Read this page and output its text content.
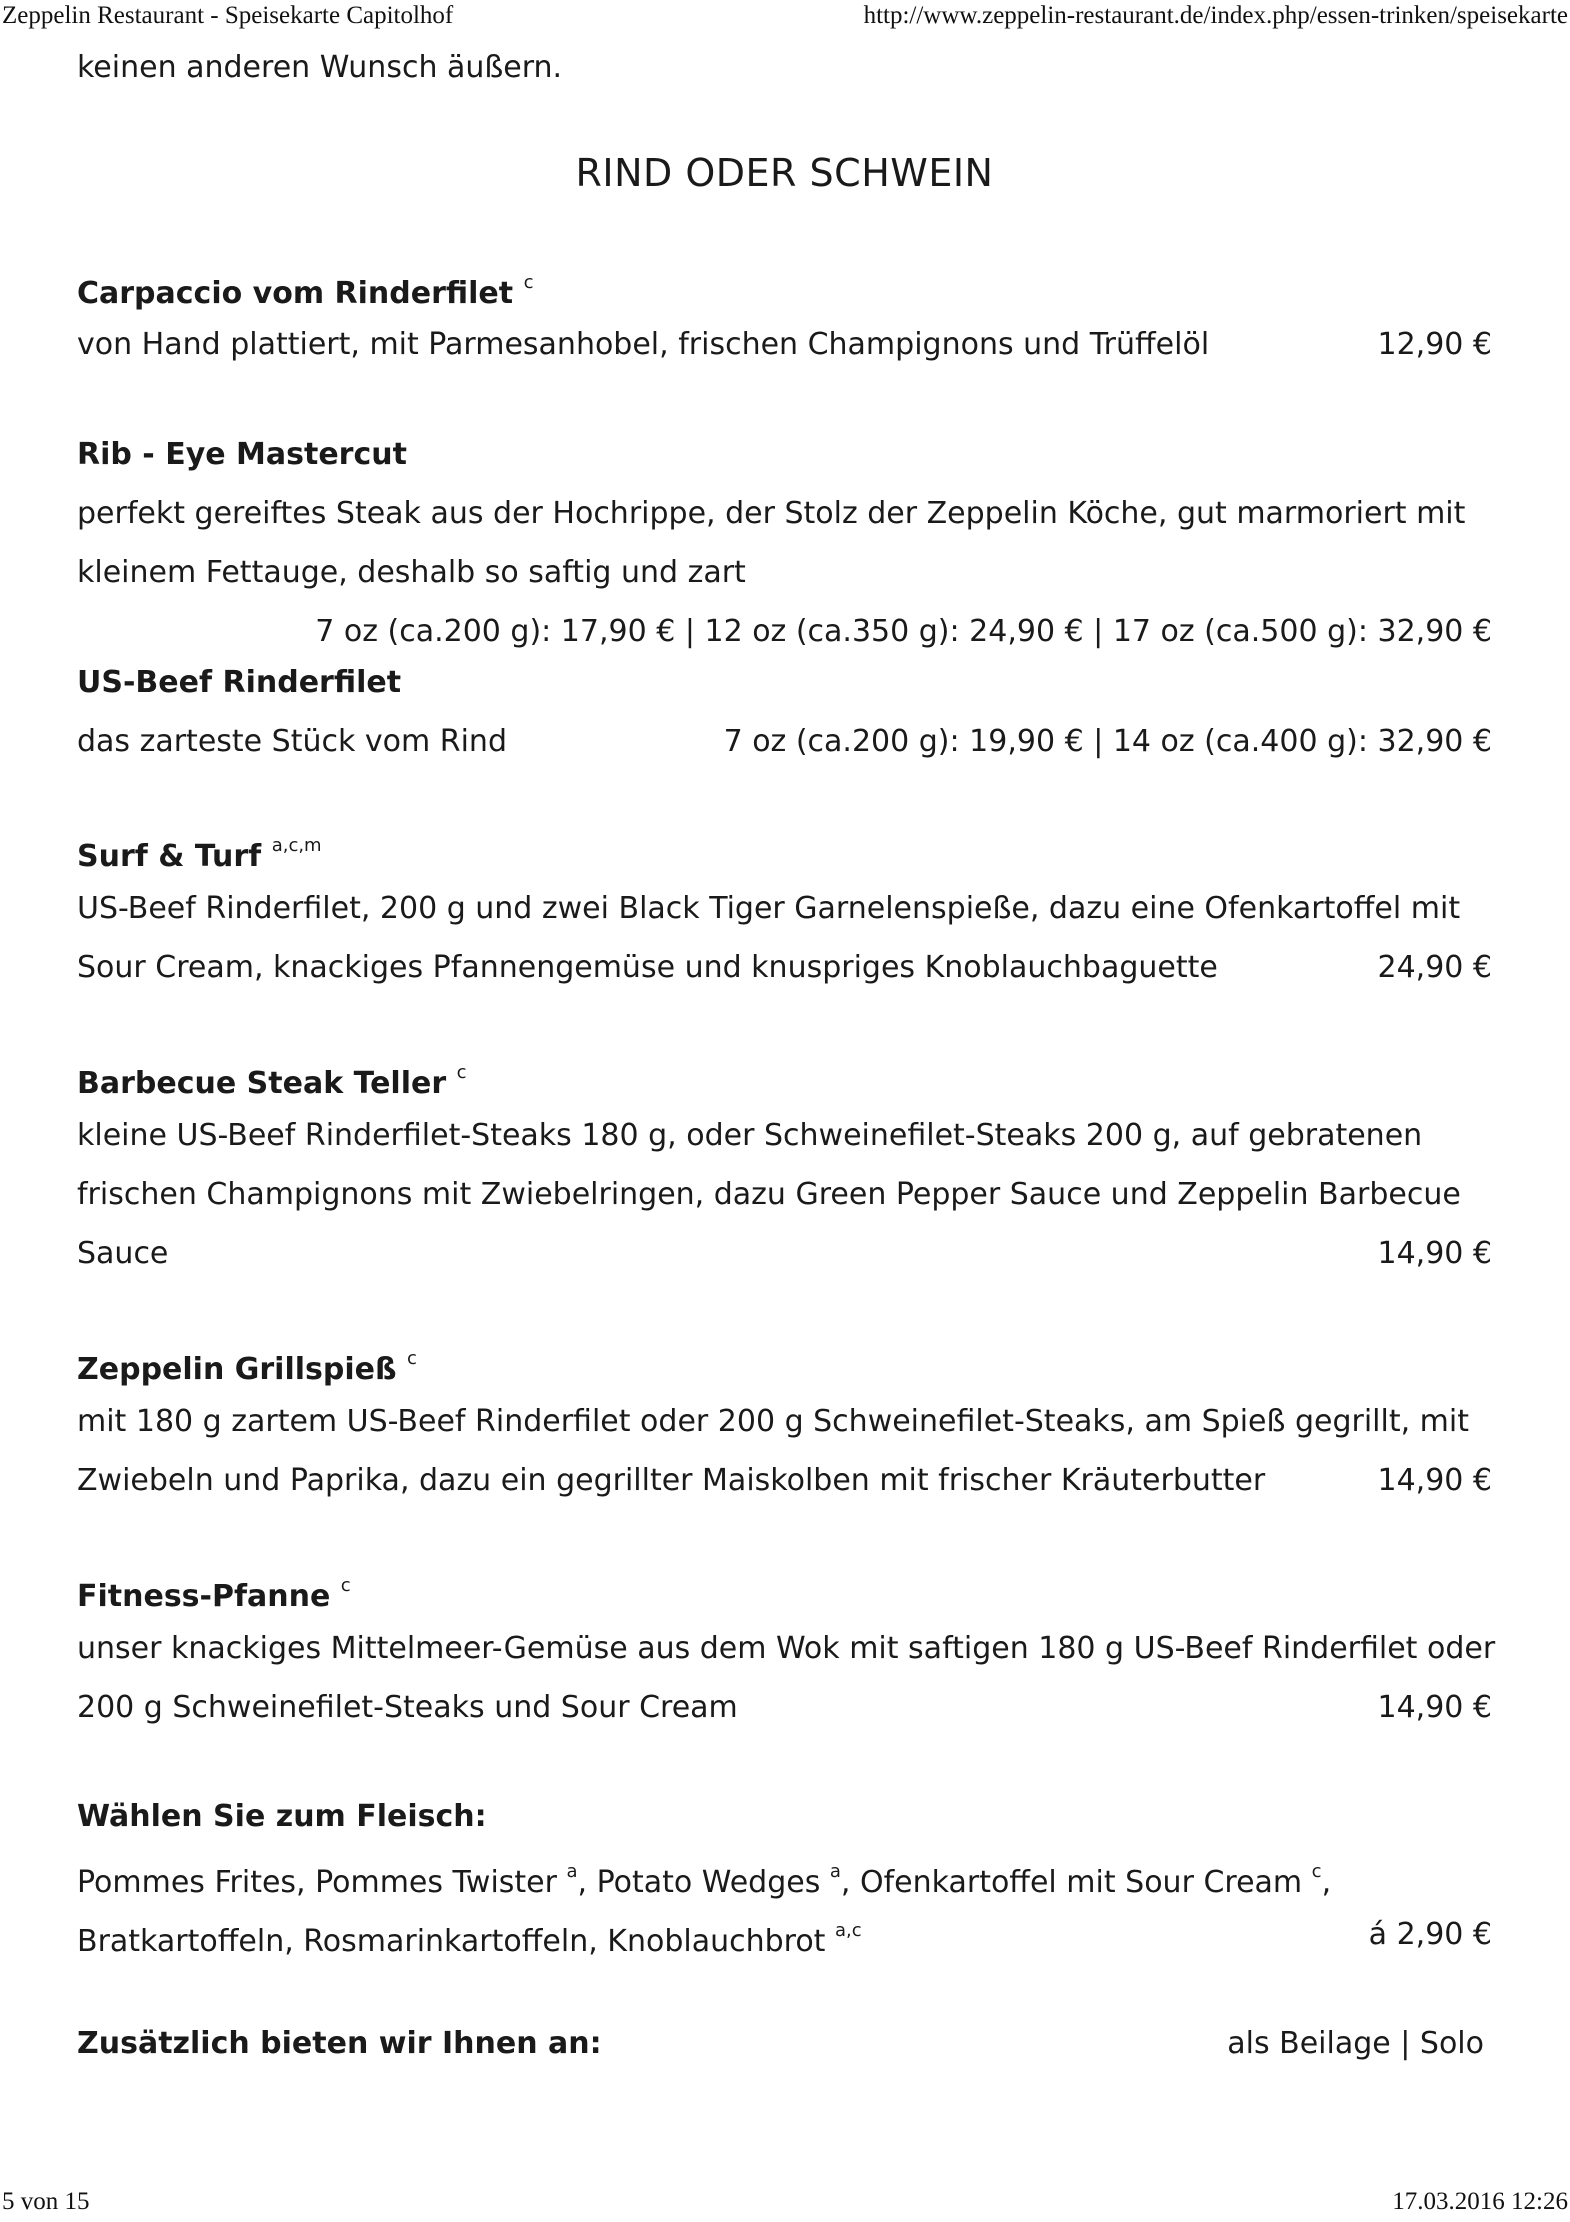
Zeppelin Restaurant - Speisekarte Capitolhof	http://www.zeppelin-restaurant.de/index.php/essen-trinken/speisekarte
keinen anderen Wunsch äußern.
RIND ODER SCHWEIN
Carpaccio vom Rinderfilet $^c$
von Hand plattiert, mit Parmesanhobel, frischen Champignons und Trüffelöl	12,90 €
Rib - Eye Mastercut
perfekt gereiftes Steak aus der Hochrippe, der Stolz der Zeppelin Köche, gut marmoriert mit
kleinem Fettauge, deshalb so saftig und zart
7 oz (ca.200 g): 17,90 € | 12 oz (ca.350 g): 24,90 € | 17 oz (ca.500 g): 32,90 €
US-Beef Rinderfilet
das zarteste Stück vom Rind	7 oz (ca.200 g): 19,90 € | 14 oz (ca.400 g): 32,90 €
Surf & Turf $^{a,c,m}$
US-Beef Rinderfilet, 200 g und zwei Black Tiger Garnelenspieße, dazu eine Ofenkartoffel mit
Sour Cream, knackiges Pfannengemüse und knuspriges Knoblauchbaguette	24,90 €
Barbecue Steak Teller $^c$
kleine US-Beef Rinderfilet-Steaks 180 g, oder Schweinefilet-Steaks 200 g, auf gebratenen
frischen Champignons mit Zwiebelringen, dazu Green Pepper Sauce und Zeppelin Barbecue
Sauce	14,90 €
Zeppelin Grillspieß $^c$
mit 180 g zartem US-Beef Rinderfilet oder 200 g Schweinefilet-Steaks, am Spieß gegrillt, mit
Zwiebeln und Paprika, dazu ein gegrillter Maiskolben mit frischer Kräuterbutter	14,90 €
Fitness-Pfanne $^c$
unser knackiges Mittelmeer-Gemüse aus dem Wok mit saftigen 180 g US-Beef Rinderfilet oder
200 g Schweinefilet-Steaks und Sour Cream	14,90 €
Wählen Sie zum Fleisch:
Pommes Frites, Pommes Twister $^a$, Potato Wedges $^a$, Ofenkartoffel mit Sour Cream $^c$,
Bratkartoffeln, Rosmarinkartoffeln, Knoblauchbrot $^{a,c}$	á 2,90 €
Zusätzlich bieten wir Ihnen an:	als Beilage | Solo
5 von 15	17.03.2016 12:26
